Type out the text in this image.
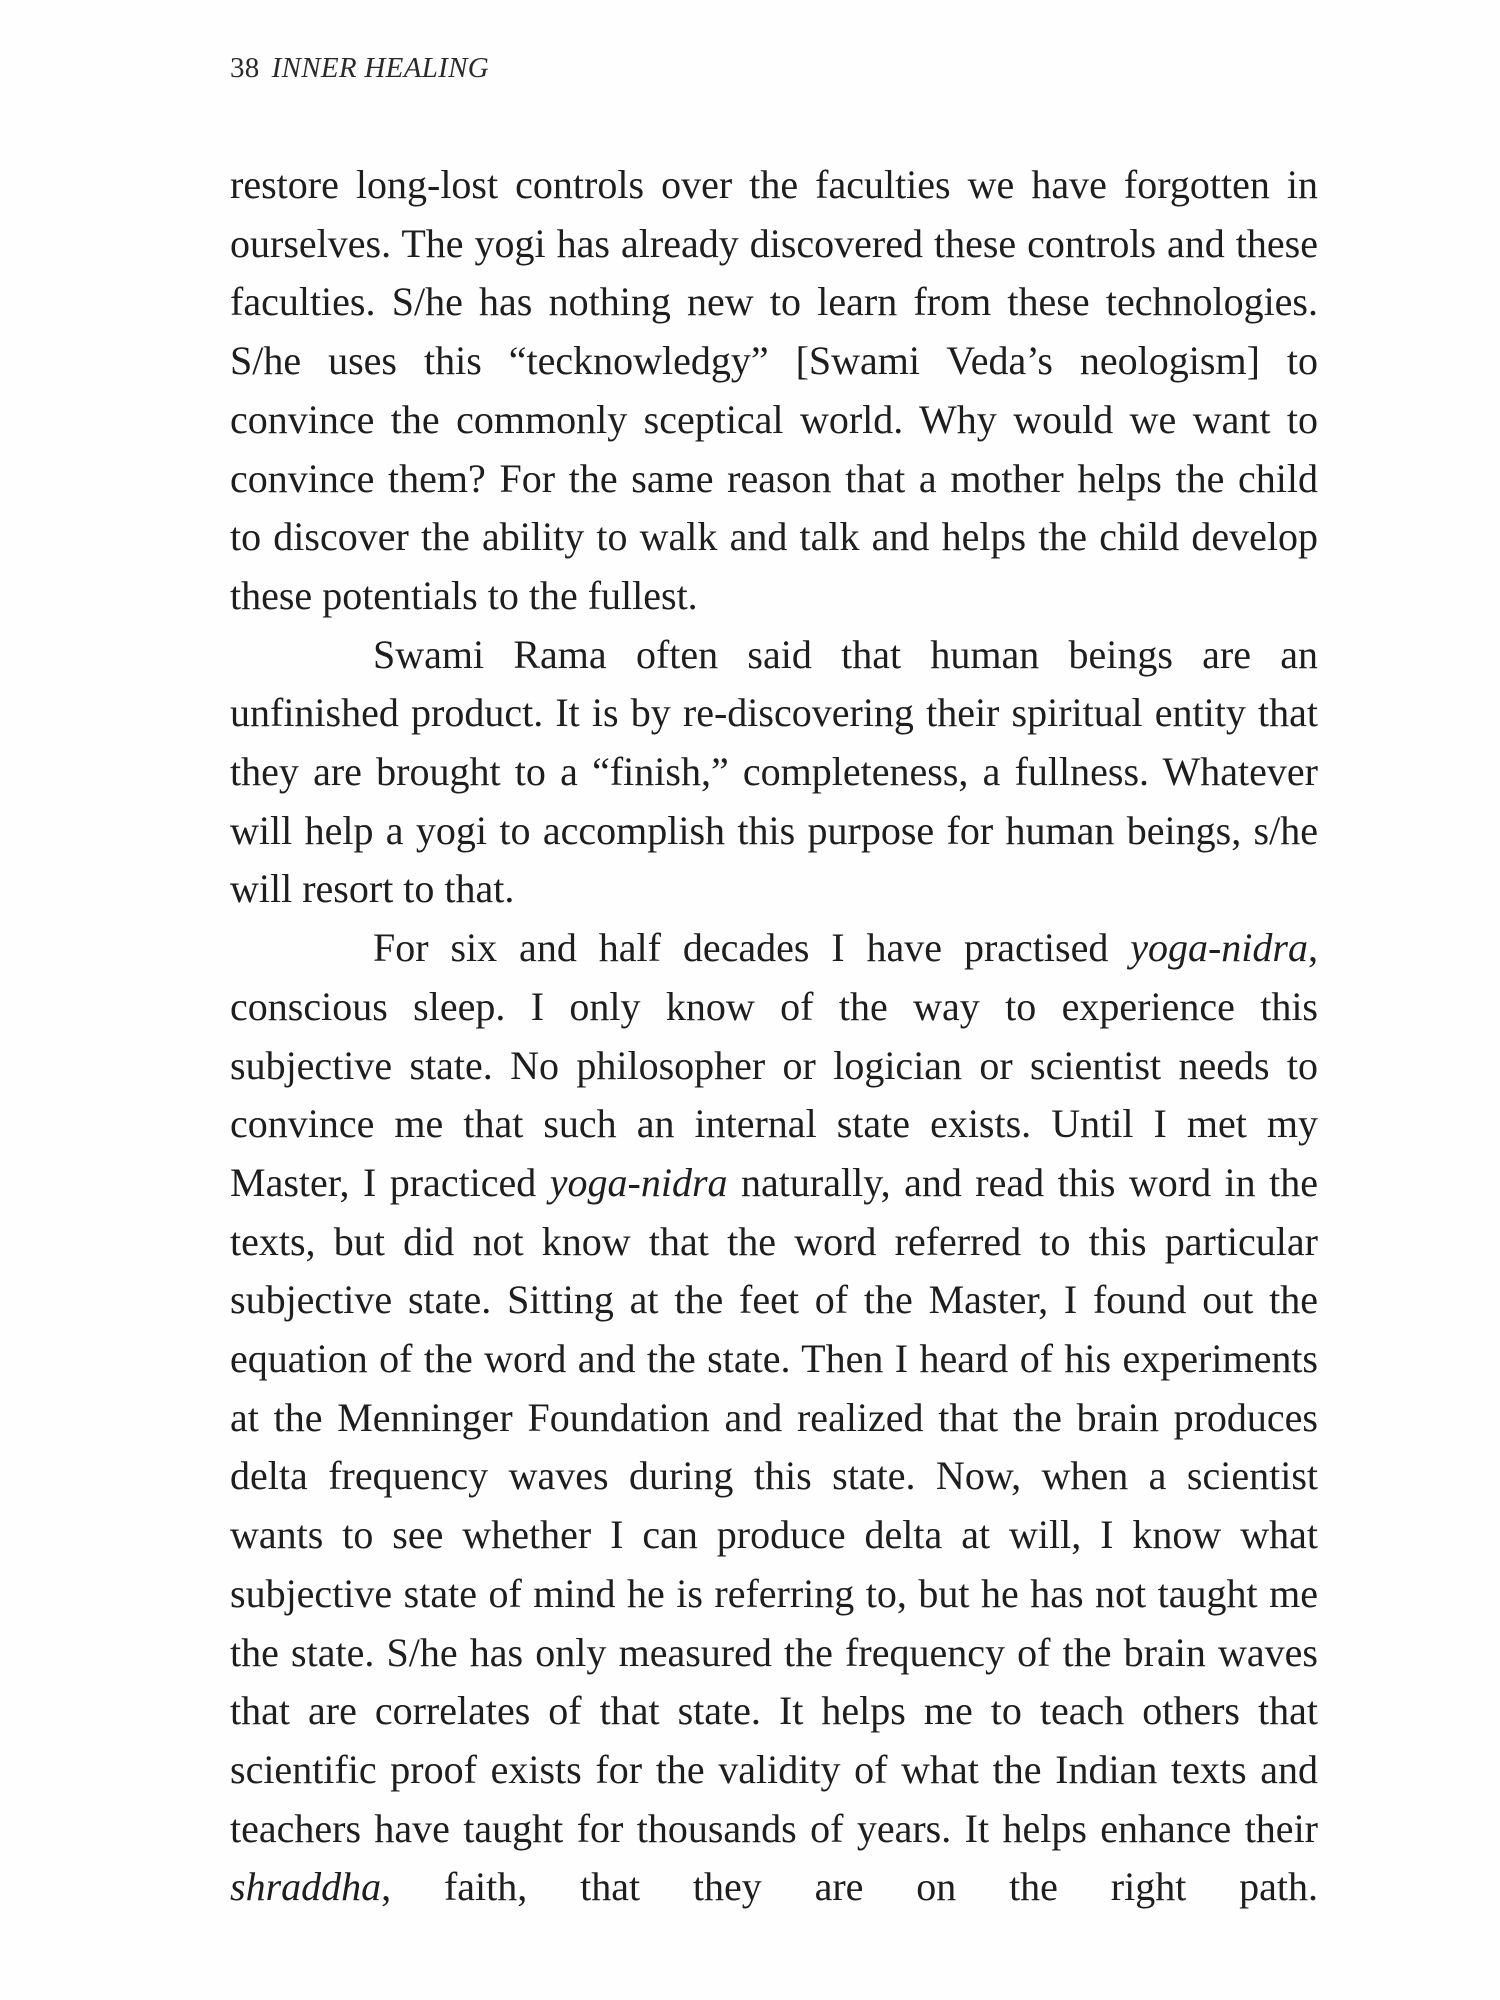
38 INNER HEALING

restore long-lost controls over the faculties we have forgotten in ourselves. The yogi has already discovered these controls and these faculties. S/he has nothing new to learn from these technologies. S/he uses this “tecknowledgy” [Swami Veda’s neologism] to convince the commonly sceptical world. Why would we want to convince them? For the same reason that a mother helps the child to discover the ability to walk and talk and helps the child develop these potentials to the fullest.

Swami Rama often said that human beings are an unfinished product. It is by re-discovering their spiritual entity that they are brought to a “finish,” completeness, a fullness. Whatever will help a yogi to accomplish this purpose for human beings, s/he will resort to that.

For six and half decades I have practised yoga-nidra, conscious sleep. I only know of the way to experience this subjective state. No philosopher or logician or scientist needs to convince me that such an internal state exists. Until I met my Master, I practiced yoga-nidra naturally, and read this word in the texts, but did not know that the word referred to this particular subjective state. Sitting at the feet of the Master, I found out the equation of the word and the state. Then I heard of his experiments at the Menninger Foundation and realized that the brain produces delta frequency waves during this state. Now, when a scientist wants to see whether I can produce delta at will, I know what subjective state of mind he is referring to, but he has not taught me the state. S/he has only measured the frequency of the brain waves that are correlates of that state. It helps me to teach others that scientific proof exists for the validity of what the Indian texts and teachers have taught for thousands of years. It helps enhance their shraddha, faith, that they are on the right path.
